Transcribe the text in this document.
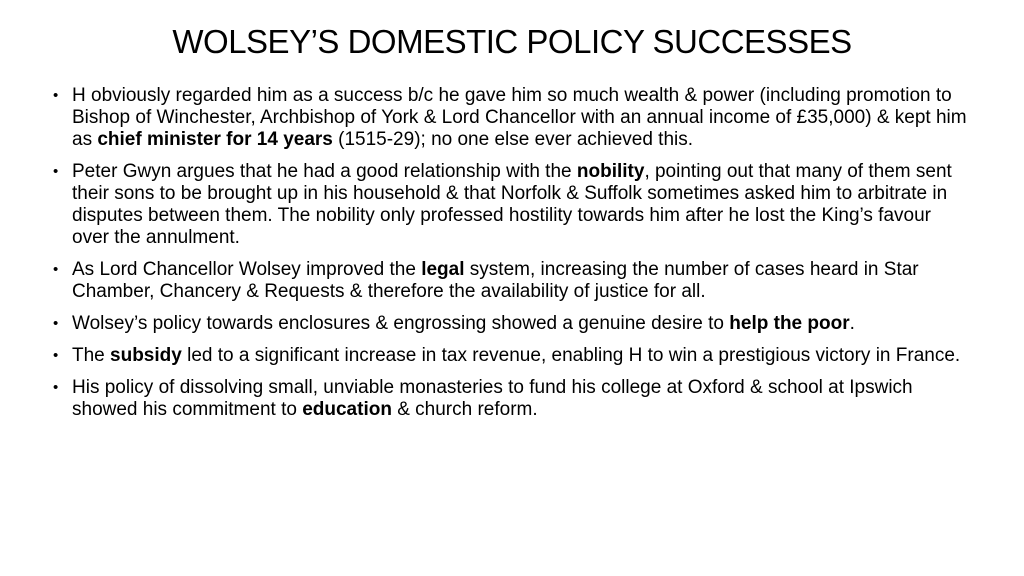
WOLSEY’S DOMESTIC POLICY SUCCESSES
• H obviously regarded him as a success b/c he gave him so much wealth & power (including promotion to Bishop of Winchester, Archbishop of York & Lord Chancellor with an annual income of £35,000) & kept him as chief minister for 14 years (1515-29); no one else ever achieved this.
• Peter Gwyn argues that he had a good relationship with the nobility, pointing out that many of them sent their sons to be brought up in his household & that Norfolk & Suffolk sometimes asked him to arbitrate in disputes between them. The nobility only professed hostility towards him after he lost the King’s favour over the annulment.
• As Lord Chancellor Wolsey improved the legal system, increasing the number of cases heard in Star Chamber, Chancery & Requests & therefore the availability of justice for all.
• Wolsey’s policy towards enclosures & engrossing showed a genuine desire to help the poor.
• The subsidy led to a significant increase in tax revenue, enabling H to win a prestigious victory in France.
• His policy of dissolving small, unviable monasteries to fund his college at Oxford & school at Ipswich showed his commitment to education & church reform.
